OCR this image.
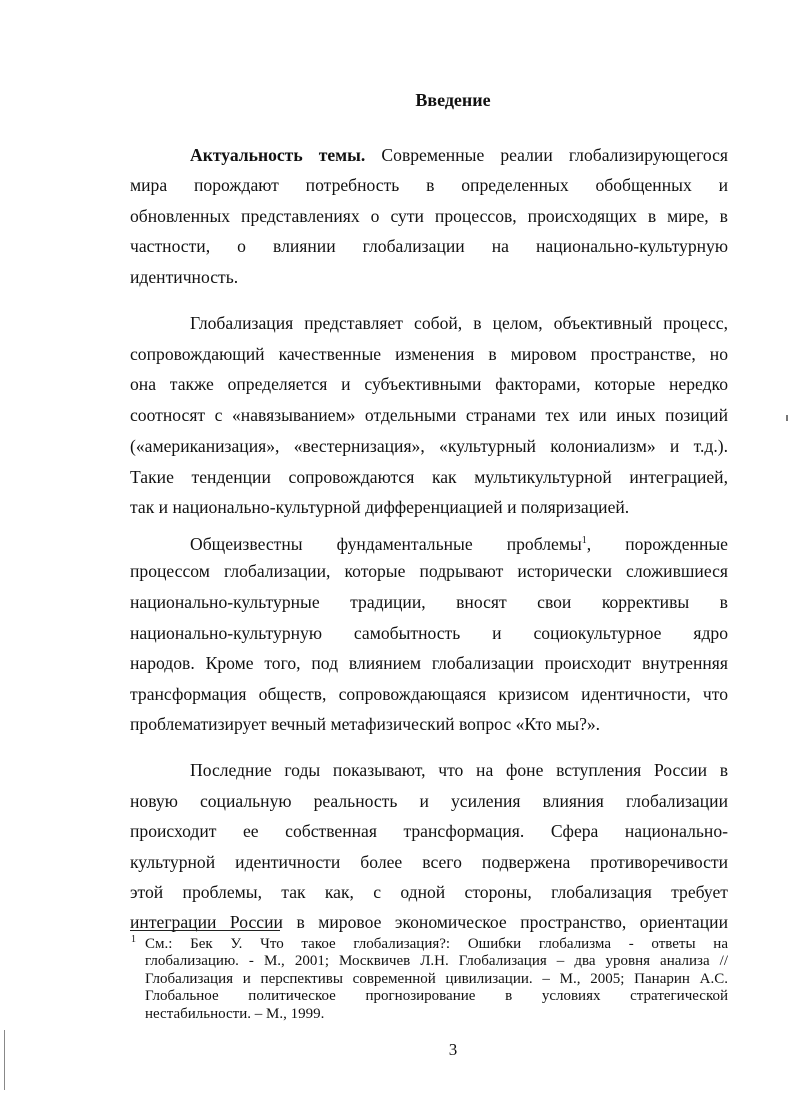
Введение
Актуальность темы. Современные реалии глобализирующегося
мира порождают потребность в определенных обобщенных и
обновленных представлениях о сути процессов, происходящих в мире, в
частности, о влиянии глобализации на национально-культурную
идентичность.
Глобализация представляет собой, в целом, объективный процесс,
сопровождающий качественные изменения в мировом пространстве, но
она также определяется и субъективными факторами, которые нередко
соотносят с «навязыванием» отдельными странами тех или иных позиций
(«американизация», «вестернизация», «культурный колониализм» и т.д.).
Такие тенденции сопровождаются как мультикультурной интеграцией,
так и национально-культурной дифференциацией и поляризацией.
Общеизвестны фундаментальные проблемы$^1$, порожденные
процессом глобализации, которые подрывают исторически сложившиеся
национально-культурные традиции, вносят свои коррективы в
национально-культурную самобытность и социокультурное ядро
народов. Кроме того, под влиянием глобализации происходит внутренняя
трансформация обществ, сопровождающаяся кризисом идентичности, что
проблематизирует вечный метафизический вопрос «Кто мы?».
Последние годы показывают, что на фоне вступления России в
новую социальную реальность и усиления влияния глобализации
происходит ее собственная трансформация. Сфера национально-
культурной идентичности более всего подвержена противоречивости
этой проблемы, так как, с одной стороны, глобализация требует
интеграции России в мировое экономическое пространство, ориентации
1 См.: Бек У. Что такое глобализация?: Ошибки глобализма - ответы на
глобализацию. - М., 2001; Москвичев Л.Н. Глобализация – два уровня анализа //
Глобализация и перспективы современной цивилизации. – М., 2005; Панарин А.С.
Глобальное политическое прогнозирование в условиях стратегической
нестабильности. – М., 1999.
3
